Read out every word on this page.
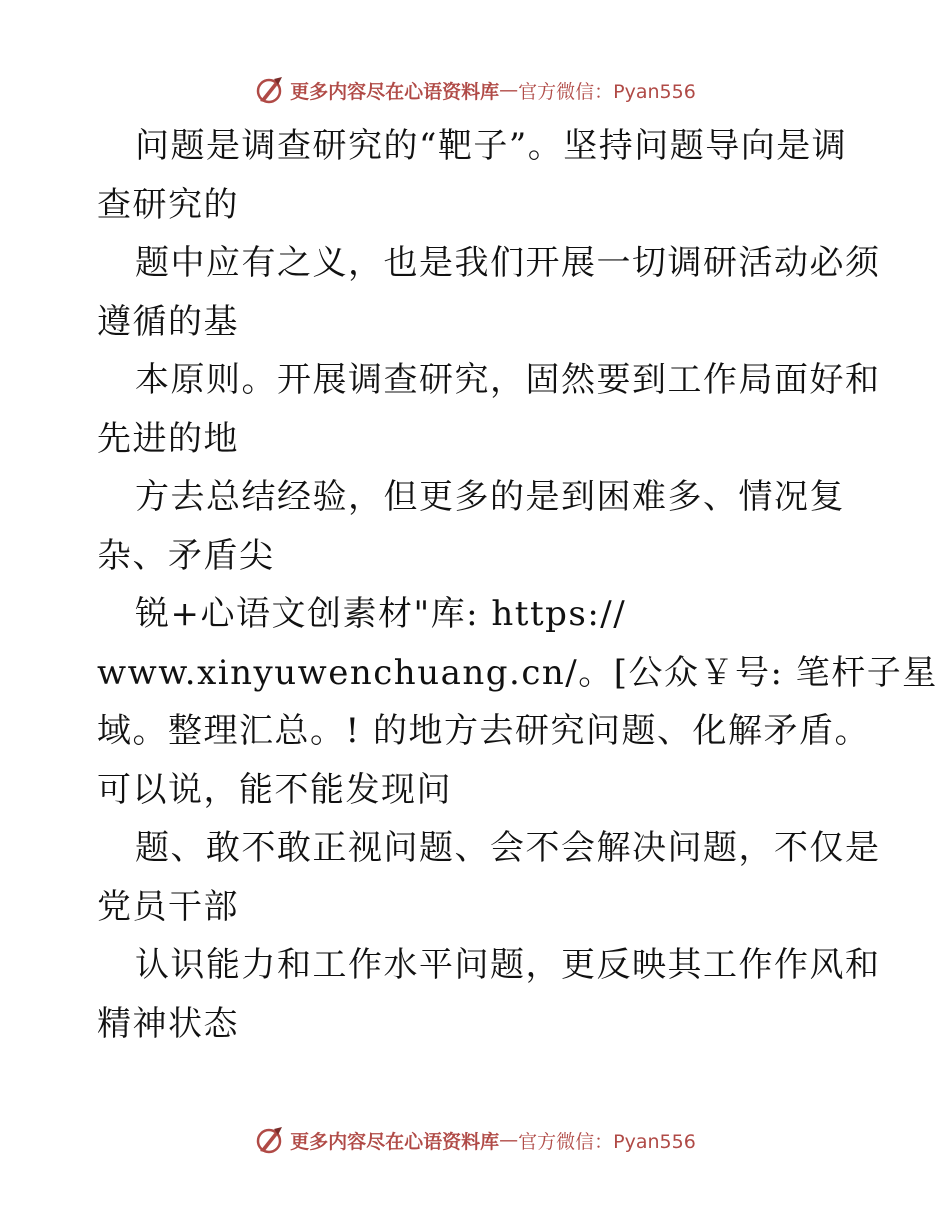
更多内容尽在心语资料库 — 官方微信：Pyan556
问题是调查研究的“靶子”。坚持问题导向是调
查研究的
题中应有之义，也是我们开展一切调研活动必须
遵循的基
本原则。开展调查研究，固然要到工作局面好和
先进的地
方去总结经验，但更多的是到困难多、情况复
杂、矛盾尖
锐+心语文创素材"库: https://
www.xinyuwenchuang.cn/。[公众￥号: 笔杆子星
域。整理汇总。! 的地方去研究问题、化解矛盾。
可以说，能不能发现问
题、敢不敢正视问题、会不会解决问题，不仅是
党员干部
认识能力和工作水平问题，更反映其工作作风和
精神状态
更多内容尽在心语资料库 — 官方微信：Pyan556
